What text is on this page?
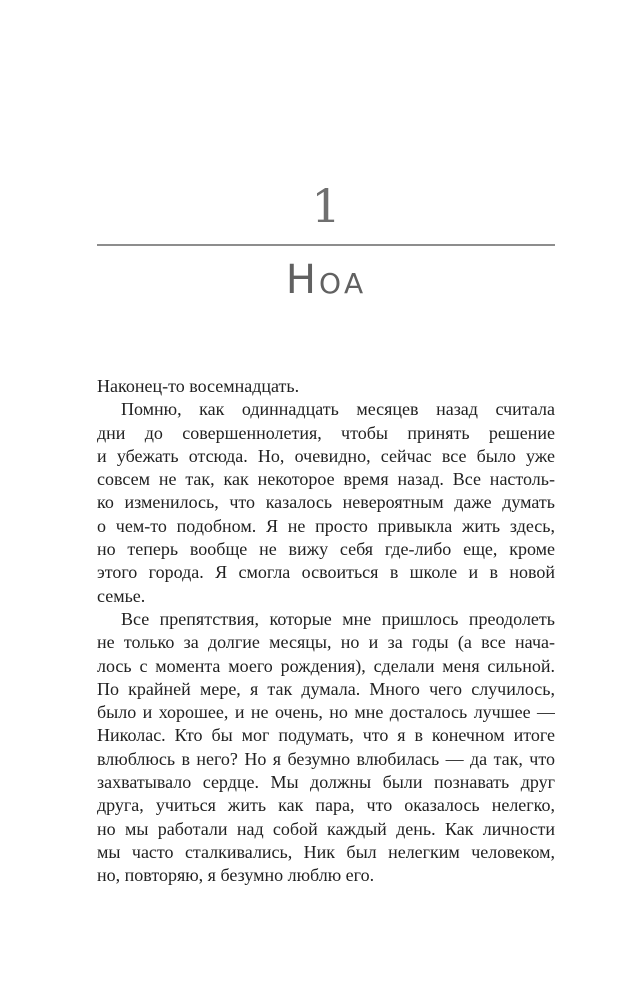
1
Ноа
Наконец-то восемнадцать.
Помню, как одиннадцать месяцев назад считала
дни до совершеннолетия, чтобы принять решение
и убежать отсюда. Но, очевидно, сейчас все было уже
совсем не так, как некоторое время назад. Все настоль-
ко изменилось, что казалось невероятным даже думать
о чем-то подобном. Я не просто привыкла жить здесь,
но теперь вообще не вижу себя где-либо еще, кроме
этого города. Я смогла освоиться в школе и в новой
семье.
Все препятствия, которые мне пришлось преодолеть
не только за долгие месяцы, но и за годы (а все нача-
лось с момента моего рождения), сделали меня сильной.
По крайней мере, я так думала. Много чего случилось,
было и хорошее, и не очень, но мне досталось лучшее —
Николас. Кто бы мог подумать, что я в конечном итоге
влюблюсь в него? Но я безумно влюбилась — да так, что
захватывало сердце. Мы должны были познавать друг
друга, учиться жить как пара, что оказалось нелегко,
но мы работали над собой каждый день. Как личности
мы часто сталкивались, Ник был нелегким человеком,
но, повторяю, я безумно люблю его.
